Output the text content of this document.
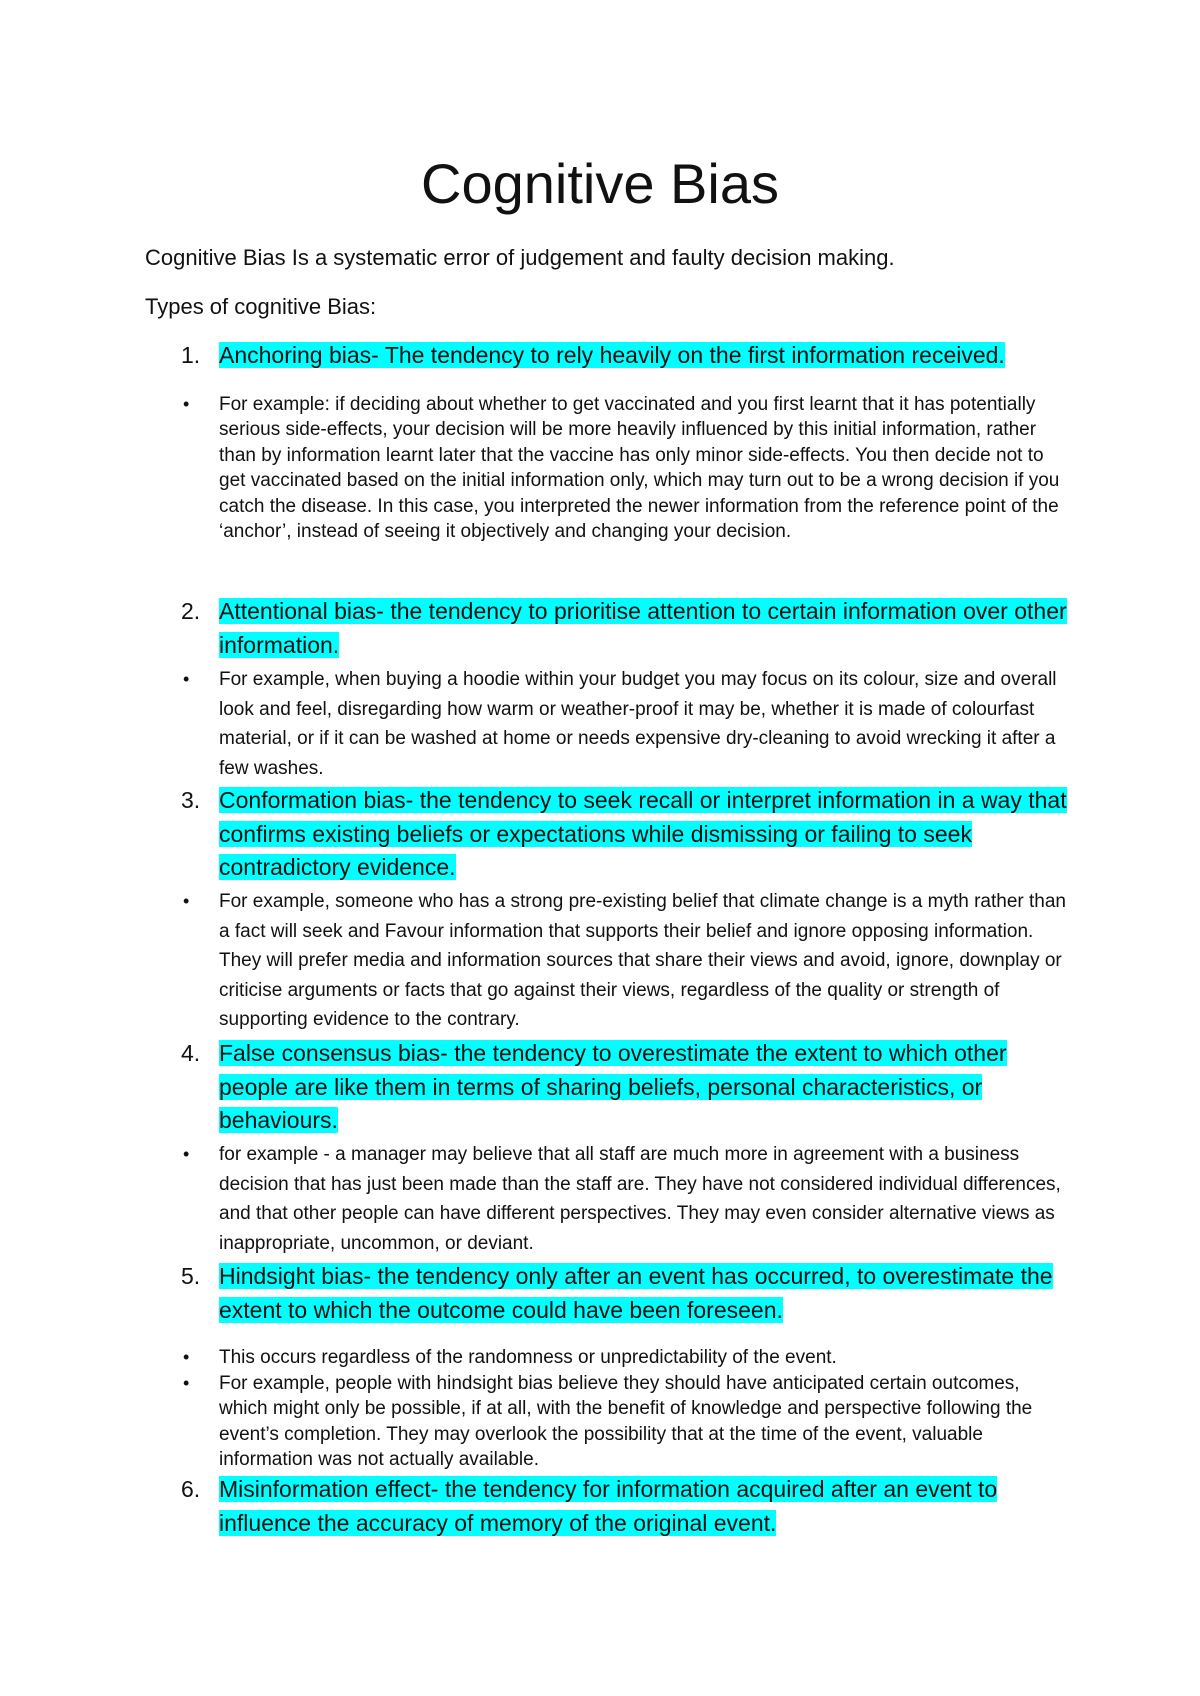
Cognitive Bias

Cognitive Bias Is a systematic error of judgement and faulty decision making.

Types of cognitive Bias:

1. Anchoring bias- The tendency to rely heavily on the first information received.

• For example: if deciding about whether to get vaccinated and you first learnt that it has potentially serious side-effects, your decision will be more heavily influenced by this initial information, rather than by information learnt later that the vaccine has only minor side-effects. You then decide not to get vaccinated based on the initial information only, which may turn out to be a wrong decision if you catch the disease. In this case, you interpreted the newer information from the reference point of the ‘anchor’, instead of seeing it objectively and changing your decision.

2. Attentional bias- the tendency to prioritise attention to certain information over other information.

• For example, when buying a hoodie within your budget you may focus on its colour, size and overall look and feel, disregarding how warm or weather-proof it may be, whether it is made of colourfast material, or if it can be washed at home or needs expensive dry-cleaning to avoid wrecking it after a few washes.

3. Conformation bias- the tendency to seek recall or interpret information in a way that confirms existing beliefs or expectations while dismissing or failing to seek contradictory evidence.

• For example, someone who has a strong pre-existing belief that climate change is a myth rather than a fact will seek and Favour information that supports their belief and ignore opposing information. They will prefer media and information sources that share their views and avoid, ignore, downplay or criticise arguments or facts that go against their views, regardless of the quality or strength of supporting evidence to the contrary.

4. False consensus bias- the tendency to overestimate the extent to which other people are like them in terms of sharing beliefs, personal characteristics, or behaviours.

• for example - a manager may believe that all staff are much more in agreement with a business decision that has just been made than the staff are. They have not considered individual differences, and that other people can have different perspectives. They may even consider alternative views as inappropriate, uncommon, or deviant.

5. Hindsight bias- the tendency only after an event has occurred, to overestimate the extent to which the outcome could have been foreseen.

• This occurs regardless of the randomness or unpredictability of the event.

• For example, people with hindsight bias believe they should have anticipated certain outcomes, which might only be possible, if at all, with the benefit of knowledge and perspective following the event’s completion. They may overlook the possibility that at the time of the event, valuable information was not actually available.

6. Misinformation effect- the tendency for information acquired after an event to influence the accuracy of memory of the original event.
